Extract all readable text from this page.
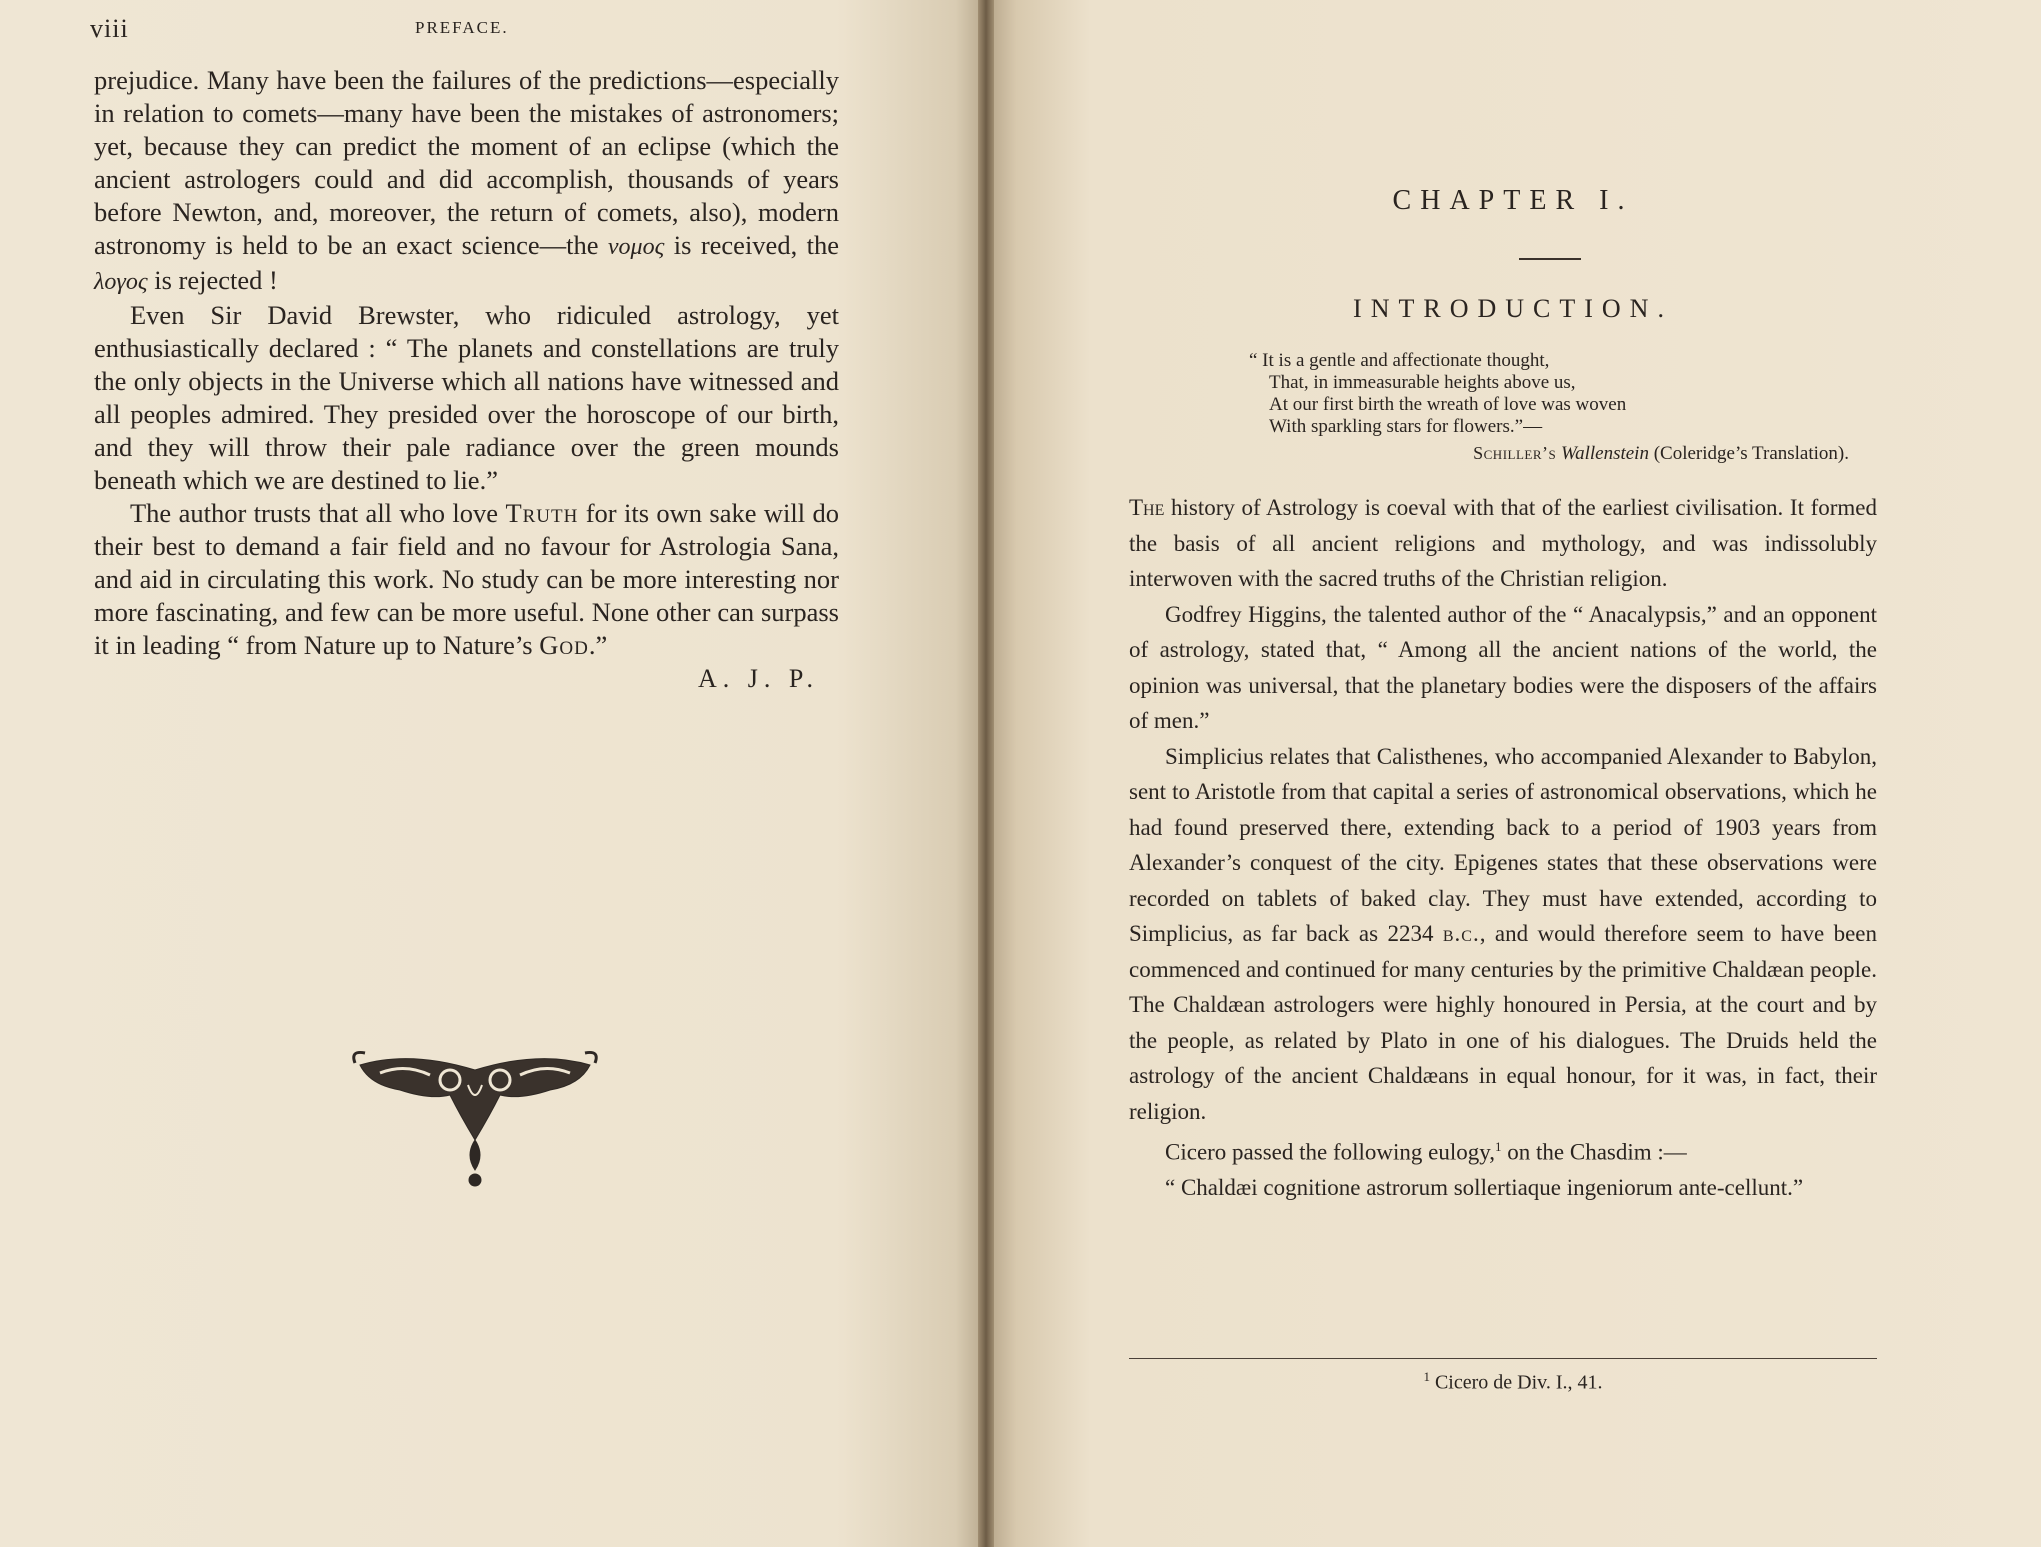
viii	PREFACE.

prejudice. Many have been the failures of the predictions—especially in relation to comets—many have been the mistakes of astronomers; yet, because they can predict the moment of an eclipse (which the ancient astrologers could and did accomplish, thousands of years before Newton, and, moreover, the return of comets, also), modern astronomy is held to be an exact science—the νομος is received, the λογος is rejected !

Even Sir David Brewster, who ridiculed astrology, yet enthusiastically declared : “ The planets and constellations are truly the only objects in the Universe which all nations have witnessed and all peoples admired. They presided over the horoscope of our birth, and they will throw their pale radiance over the green mounds beneath which we are destined to lie.”

The author trusts that all who love Truth for its own sake will do their best to demand a fair field and no favour for Astrologia Sana, and aid in circulating this work. No study can be more interesting nor more fascinating, and few can be more useful. None other can surpass it in leading “ from Nature up to Nature’s God.”

A. J. P.

CHAPTER I.
INTRODUCTION.
“ It is a gentle and affectionate thought,
That, in immeasurable heights above us,
At our first birth the wreath of love was woven
With sparkling stars for flowers.”—
Schiller’s Wallenstein (Coleridge’s Translation).

The history of Astrology is coeval with that of the earliest civilisation. It formed the basis of all ancient religions and mythology, and was indissolubly interwoven with the sacred truths of the Christian religion.

Godfrey Higgins, the talented author of the “ Anacalypsis,” and an opponent of astrology, stated that, “ Among all the ancient nations of the world, the opinion was universal, that the planetary bodies were the disposers of the affairs of men.”

Simplicius relates that Calisthenes, who accompanied Alexander to Babylon, sent to Aristotle from that capital a series of astronomical observations, which he had found preserved there, extending back to a period of 1903 years from Alexander’s conquest of the city. Epigenes states that these observations were recorded on tablets of baked clay. They must have extended, according to Simplicius, as far back as 2234 b.c., and would therefore seem to have been commenced and continued for many centuries by the primitive Chaldæan people. The Chaldæan astrologers were highly honoured in Persia, at the court and by the people, as related by Plato in one of his dialogues. The Druids held the astrology of the ancient Chaldæans in equal honour, for it was, in fact, their religion.

Cicero passed the following eulogy,$^1$ on the Chasdim :—

“ Chaldæi cognitione astrorum sollertiaque ingeniorum ante-cellunt.”

$^1$ Cicero de Div. I., 41.
